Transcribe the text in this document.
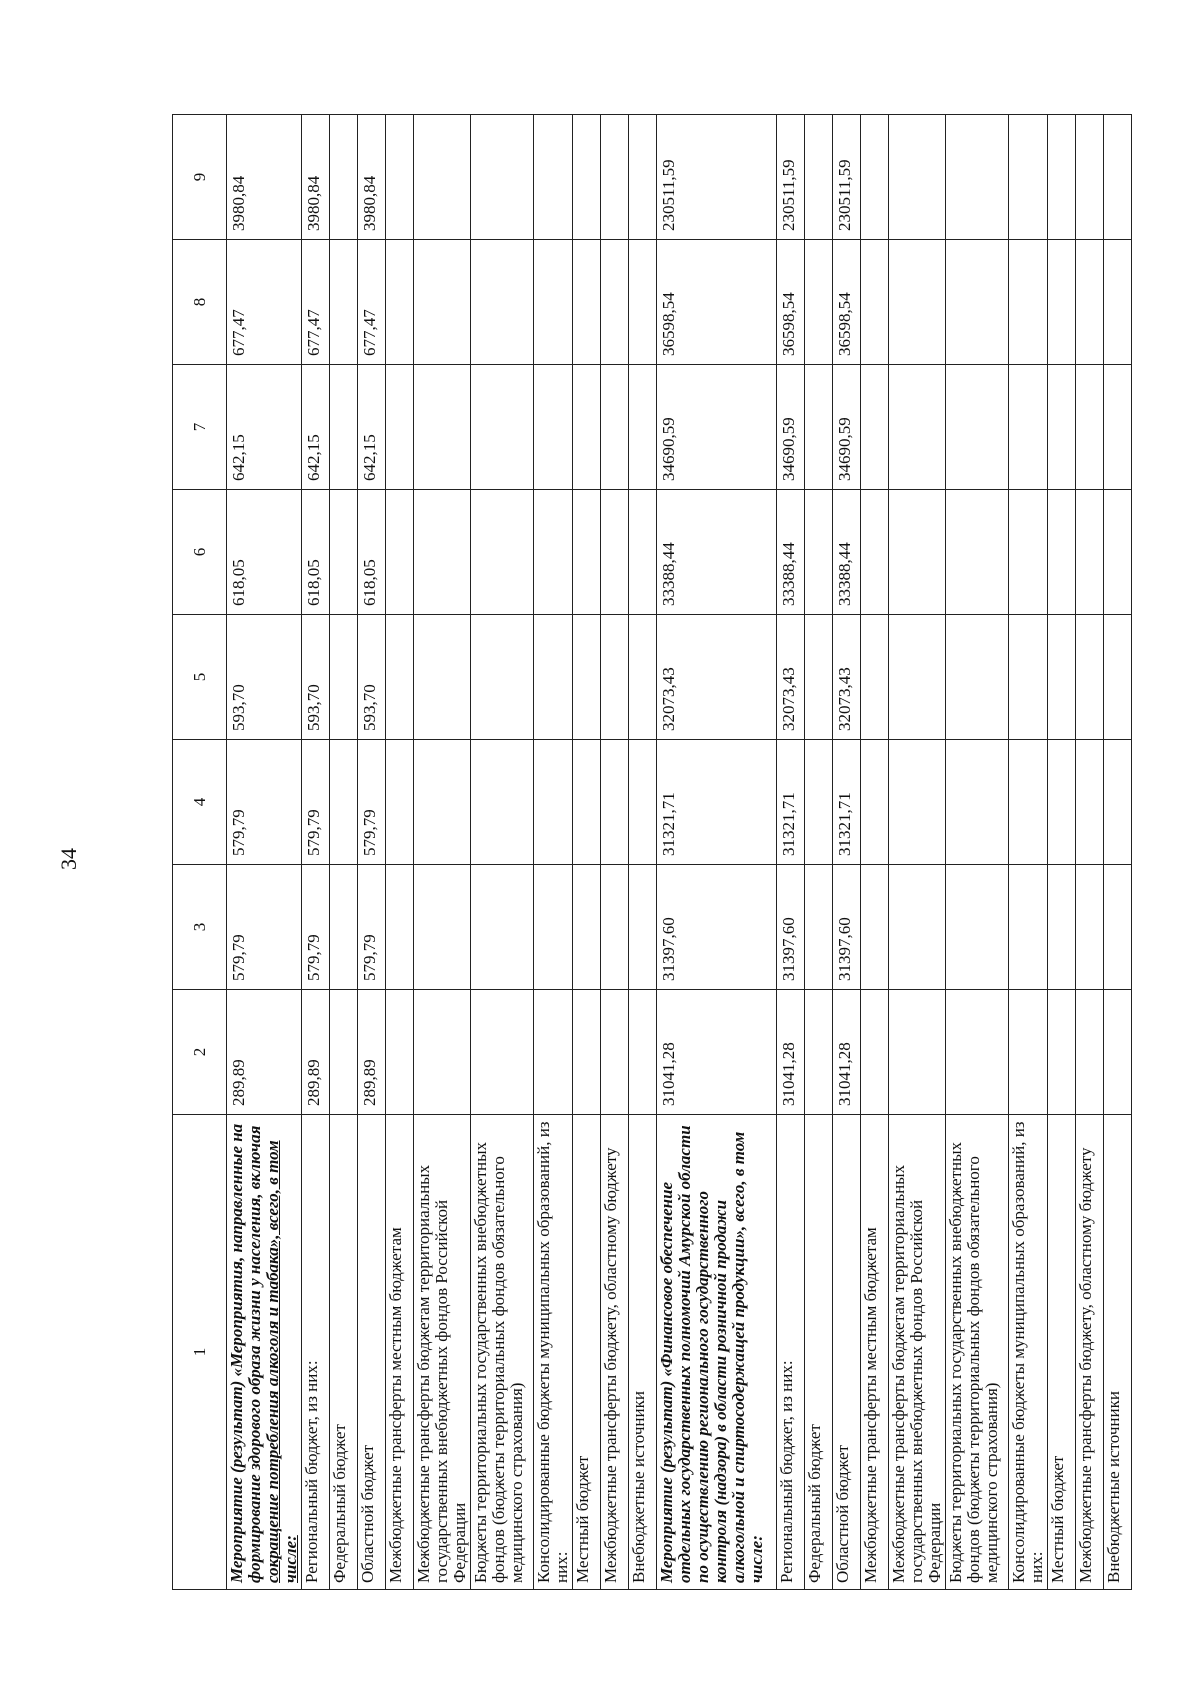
34
1	2	3	4	5	6	7	8	9
Мероприятие (результат) «Мероприятия, направленные на формирование здорового образа жизни у населения, включая сокращение потребления алкоголя и табака», всего, в том числе:	289,89	579,79	579,79	593,70	618,05	642,15	677,47	3980,84
Региональный бюджет, из них:	289,89	579,79	579,79	593,70	618,05	642,15	677,47	3980,84
Федеральный бюджет								
Областной бюджет	289,89	579,79	579,79	593,70	618,05	642,15	677,47	3980,84
Межбюджетные трансферты местным бюджетам								
Межбюджетные трансферты бюджетам территориальных государственных внебюджетных фондов Российской Федерации								
Бюджеты территориальных государственных внебюджетных фондов (бюджеты территориальных фондов обязательного медицинского страхования)								
Консолидированные бюджеты муниципальных образований, из них:								
Местный бюджет								
Межбюджетные трансферты бюджету, областному бюджету								
Внебюджетные источники								
Мероприятие (результат) «Финансовое обеспечение отдельных государственных полномочий Амурской области по осуществлению регионального государственного контроля (надзора) в области розничной продажи алкогольной и спиртосодержащей продукции», всего, в том числе:	31041,28	31397,60	31321,71	32073,43	33388,44	34690,59	36598,54	230511,59
Региональный бюджет, из них:	31041,28	31397,60	31321,71	32073,43	33388,44	34690,59	36598,54	230511,59
Федеральный бюджет								
Областной бюджет	31041,28	31397,60	31321,71	32073,43	33388,44	34690,59	36598,54	230511,59
Межбюджетные трансферты местным бюджетам								
Межбюджетные трансферты бюджетам территориальных государственных внебюджетных фондов Российской Федерации								
Бюджеты территориальных государственных внебюджетных фондов (бюджеты территориальных фондов обязательного медицинского страхования)								
Консолидированные бюджеты муниципальных образований, из них:								
Местный бюджет								
Межбюджетные трансферты бюджету, областному бюджету								
Внебюджетные источники								
